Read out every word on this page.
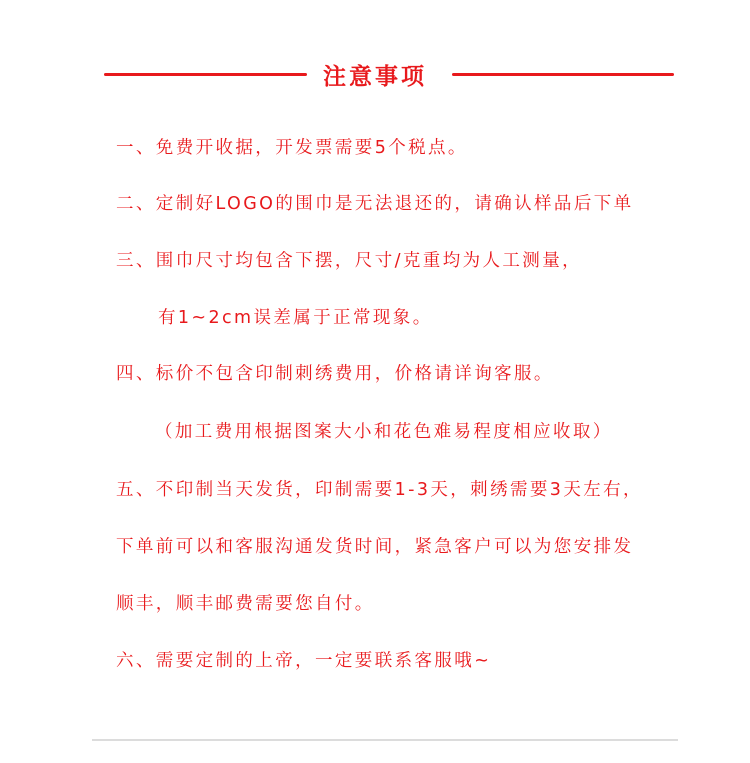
注意事项
一、免费开收据，开发票需要5个税点。
二、定制好LOGO的围巾是无法退还的，请确认样品后下单
三、围巾尺寸均包含下摆，尺寸/克重均为人工测量，
有1~2cm误差属于正常现象。
四、标价不包含印制刺绣费用，价格请详询客服。
（加工费用根据图案大小和花色难易程度相应收取）
五、不印制当天发货，印制需要1-3天，刺绣需要3天左右，
下单前可以和客服沟通发货时间，紧急客户可以为您安排发
顺丰，顺丰邮费需要您自付。
六、需要定制的上帝，一定要联系客服哦~
